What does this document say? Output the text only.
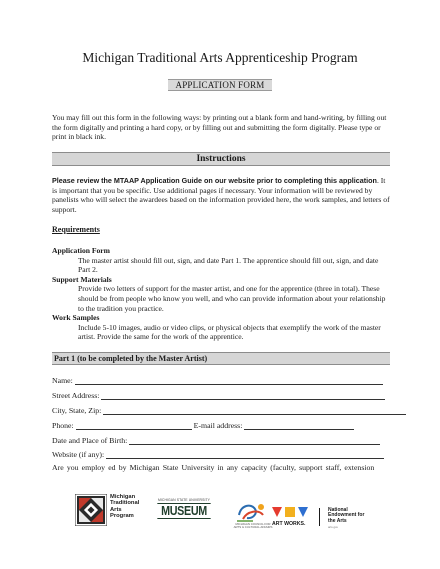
Michigan Traditional Arts Apprenticeship Program
APPLICATION FORM
You may fill out this form in the following ways: by printing out a blank form and hand-writing, by filling out the form digitally and printing a hard copy, or by filling out and submitting the form digitally. Please type or print in black ink.
Instructions
Please review the MTAAP Application Guide on our website prior to completing this application. It is important that you be specific. Use additional pages if necessary. Your information will be reviewed by panelists who will select the awardees based on the information provided here, the work samples, and letters of support.
Requirements
Application Form
The master artist should fill out, sign, and date Part 1. The apprentice should fill out, sign, and date Part 2.
Support Materials
Provide two letters of support for the master artist, and one for the apprentice (three in total). These should be from people who know you well, and who can provide information about your relationship to the tradition you practice.
Work Samples
Include 5-10 images, audio or video clips, or physical objects that exemplify the work of the master artist. Provide the same for the work of the apprentice.
Part 1 (to be completed by the Master Artist)
Name:
Street Address:
City, State, Zip:
Phone:	E-mail address:
Date and Place of Birth:
Website (if any):
Are you employ ed by Michigan State University in any capacity (faculty, support staff, extension
Michigan Traditional Arts Program
MICHIGAN STATE UNIVERSITY
MUSEUM
MICHIGAN COUNCIL FOR ARTS & CULTURAL AFFAIRS
ART WORKS.
National Endowment for the Arts
arts.gov
